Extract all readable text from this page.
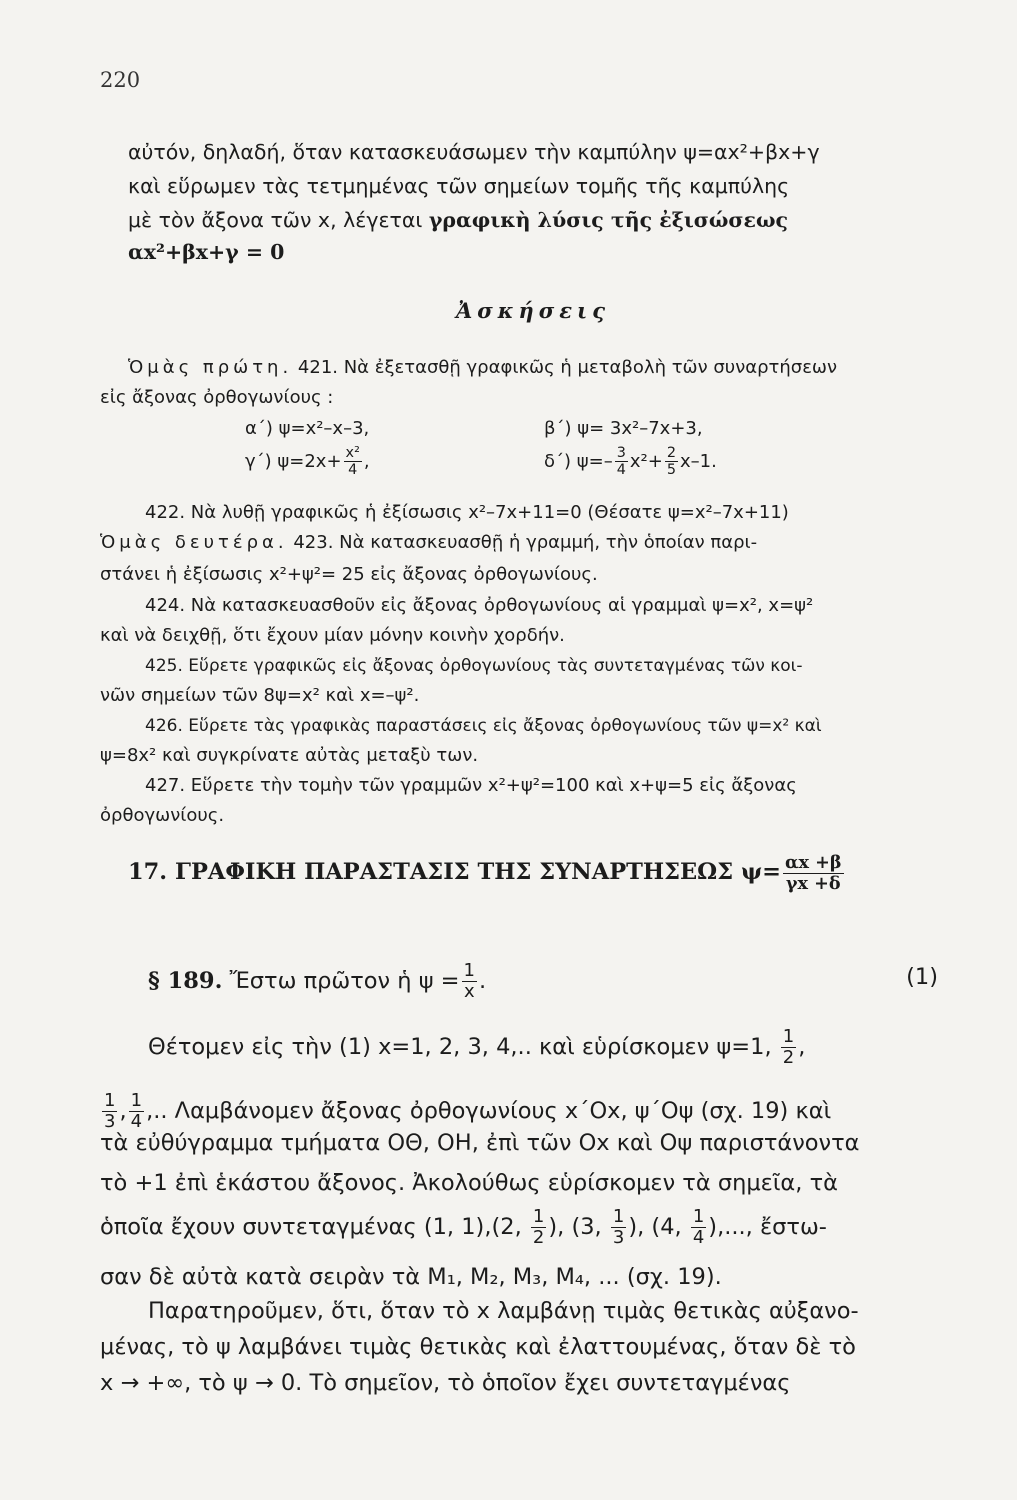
220
αὐτόν, δηλαδή, ὅταν κατασκευάσωμεν τὴν καμπύλην ψ=αx²+βx+γ
καὶ εὕρωμεν τὰς τετμημένας τῶν σημείων τομῆς τῆς καμπύλης
μὲ τὸν ἄξονα τῶν x, λέγεται γραφικὴ λύσις τῆς ἐξισώσεως
αx²+βx+γ = 0
Ἀσκήσεις
Ὁμὰς πρώτη. 421. Νὰ ἐξετασθῇ γραφικῶς ἡ μεταβολὴ τῶν συναρτήσεων
εἰς ἄξονας ὀρθογωνίους :
α΄) ψ=x²–x–3,	β΄) ψ= 3x²–7x+3,
γ΄) $\psi=2x+ \frac{\text{x²}}{4}$ ,	δ΄) $\psi=- \frac{3}{4} x^2+ \frac{2}{5} x-1$.
422. Νὰ λυθῇ γραφικῶς ἡ ἐξίσωσις x²–7x+11=0 (Θέσατε ψ=x²–7x+11)
Ὁμὰς δευτέρα. 423. Νὰ κατασκευασθῇ ἡ γραμμή, τὴν ὁποίαν παρι-
στάνει ἡ ἐξίσωσις x²+ψ²= 25 εἰς ἄξονας ὀρθογωνίους.
424. Νὰ κατασκευασθοῦν εἰς ἄξονας ὀρθογωνίους αἱ γραμμαὶ ψ=x², x=ψ²
καὶ νὰ δειχθῇ, ὅτι ἔχουν μίαν μόνην κοινὴν χορδήν.
425. Εὕρετε γραφικῶς εἰς ἄξονας ὀρθογωνίους τὰς συντεταγμένας τῶν κοι-
νῶν σημείων τῶν 8ψ=x² καὶ x=–ψ².
426. Εὕρετε τὰς γραφικὰς παραστάσεις εἰς ἄξονας ὀρθογωνίους τῶν ψ=x² καὶ
ψ=8x² καὶ συγκρίνατε αὐτὰς μεταξὺ των.
427. Εὕρετε τὴν τομὴν τῶν γραμμῶν x²+ψ²=100 καὶ x+ψ=5 εἰς ἄξονας
ὀρθογωνίους.
17. ΓΡΑΦΙΚΗ ΠΑΡΑΣΤΑΣΙΣ ΤΗΣ ΣΥΝΑΡΤΗΣΕΩΣ $\psi= \frac{\alpha x +\beta}{\gamma x +\delta}$
§ 189. Ἔστω πρῶτον ἡ $\psi = \frac{1}{x}$ .	(1)
Θέτομεν εἰς τὴν (1) x=1, 2, 3, 4,.. καὶ εὑρίσκομεν ψ=1, $\frac{1}{2}$ ,
$\frac{1}{3}$ , $\frac{1}{4}$ ,.. Λαμβάνομεν ἄξονας ὀρθογωνίους x΄Οx, ψ΄Οψ (σχ. 19) καὶ
τὰ εὐθύγραμμα τμήματα ΟΘ, ΟΗ, ἐπὶ τῶν Οx καὶ Οψ παριστάνοντα
τὸ +1 ἐπὶ ἑκάστου ἄξονος. Ἀκολούθως εὑρίσκομεν τὰ σημεῖα, τὰ
ὁποῖα ἔχουν συντεταγμένας (1, 1),(2, $\frac{1}{2}$ ), (3, $\frac{1}{3}$ ), (4, $\frac{1}{4}$ ),..., ἔστω-
σαν δὲ αὐτὰ κατὰ σειρὰν τὰ M₁, M₂, M₃, M₄, ... (σχ. 19).
Παρατηροῦμεν, ὅτι, ὅταν τὸ x λαμβάνῃ τιμὰς θετικὰς αὐξανο-
μένας, τὸ ψ λαμβάνει τιμὰς θετικὰς καὶ ἐλαττουμένας, ὅταν δὲ τὸ
x → +∞, τὸ ψ → 0. Τὸ σημεῖον, τὸ ὁποῖον ἔχει συντεταγμένας
